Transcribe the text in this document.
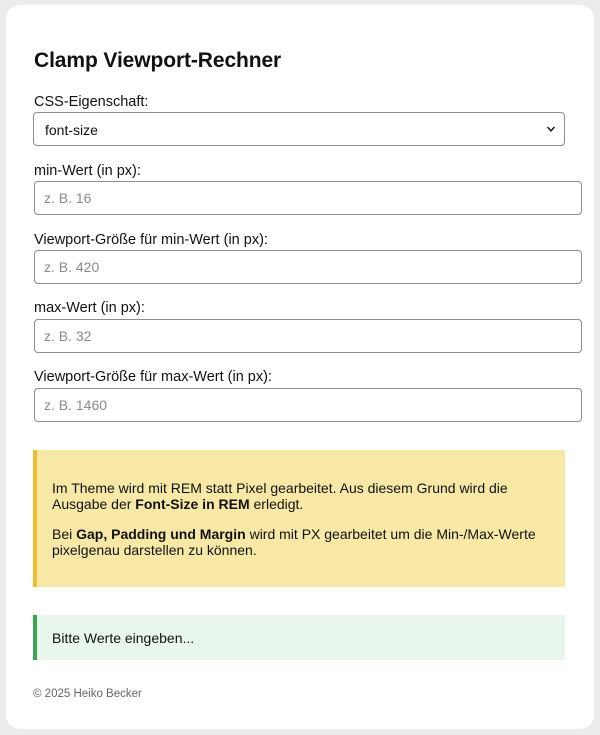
Clamp Viewport-Rechner
CSS-Eigenschaft:
font-size
min-Wert (in px):
z. B. 16
Viewport-Größe für min-Wert (in px):
z. B. 420
max-Wert (in px):
z. B. 32
Viewport-Größe für max-Wert (in px):
z. B. 1460

Im Theme wird mit REM statt Pixel gearbeitet. Aus diesem Grund wird die Ausgabe der Font-Size in REM erledigt.

Bei Gap, Padding und Margin wird mit PX gearbeitet um die Min-/Max-Werte pixelgenau darstellen zu können.

Bitte Werte eingeben...
© 2025 Heiko Becker
